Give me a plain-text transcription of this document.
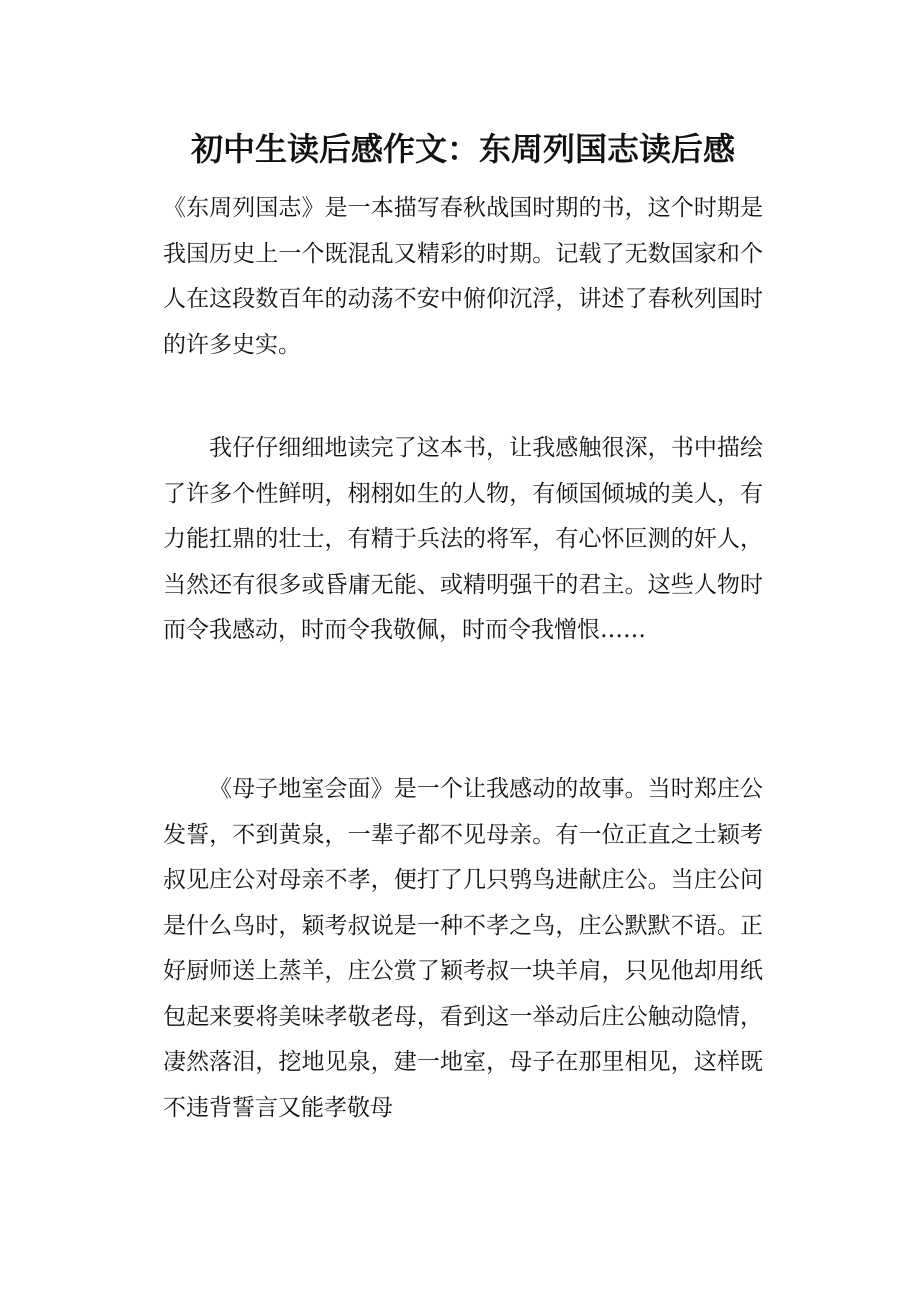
初中生读后感作文：东周列国志读后感

《东周列国志》是一本描写春秋战国时期的书，这个时期是我国历史上一个既混乱又精彩的时期。记载了无数国家和个人在这段数百年的动荡不安中俯仰沉浮，讲述了春秋列国时的许多史实。

我仔仔细细地读完了这本书，让我感触很深，书中描绘了许多个性鲜明，栩栩如生的人物，有倾国倾城的美人，有力能扛鼎的壮士，有精于兵法的将军，有心怀叵测的奸人，当然还有很多或昏庸无能、或精明强干的君主。这些人物时而令我感动，时而令我敬佩，时而令我憎恨……

《母子地室会面》是一个让我感动的故事。当时郑庄公发誓，不到黄泉，一辈子都不见母亲。有一位正直之士颖考叔见庄公对母亲不孝，便打了几只鸮鸟进献庄公。当庄公问是什么鸟时，颖考叔说是一种不孝之鸟，庄公默默不语。正好厨师送上蒸羊，庄公赏了颖考叔一块羊肩，只见他却用纸包起来要将美味孝敬老母，看到这一举动后庄公触动隐情，凄然落泪，挖地见泉，建一地室，母子在那里相见，这样既不违背誓言又能孝敬母
